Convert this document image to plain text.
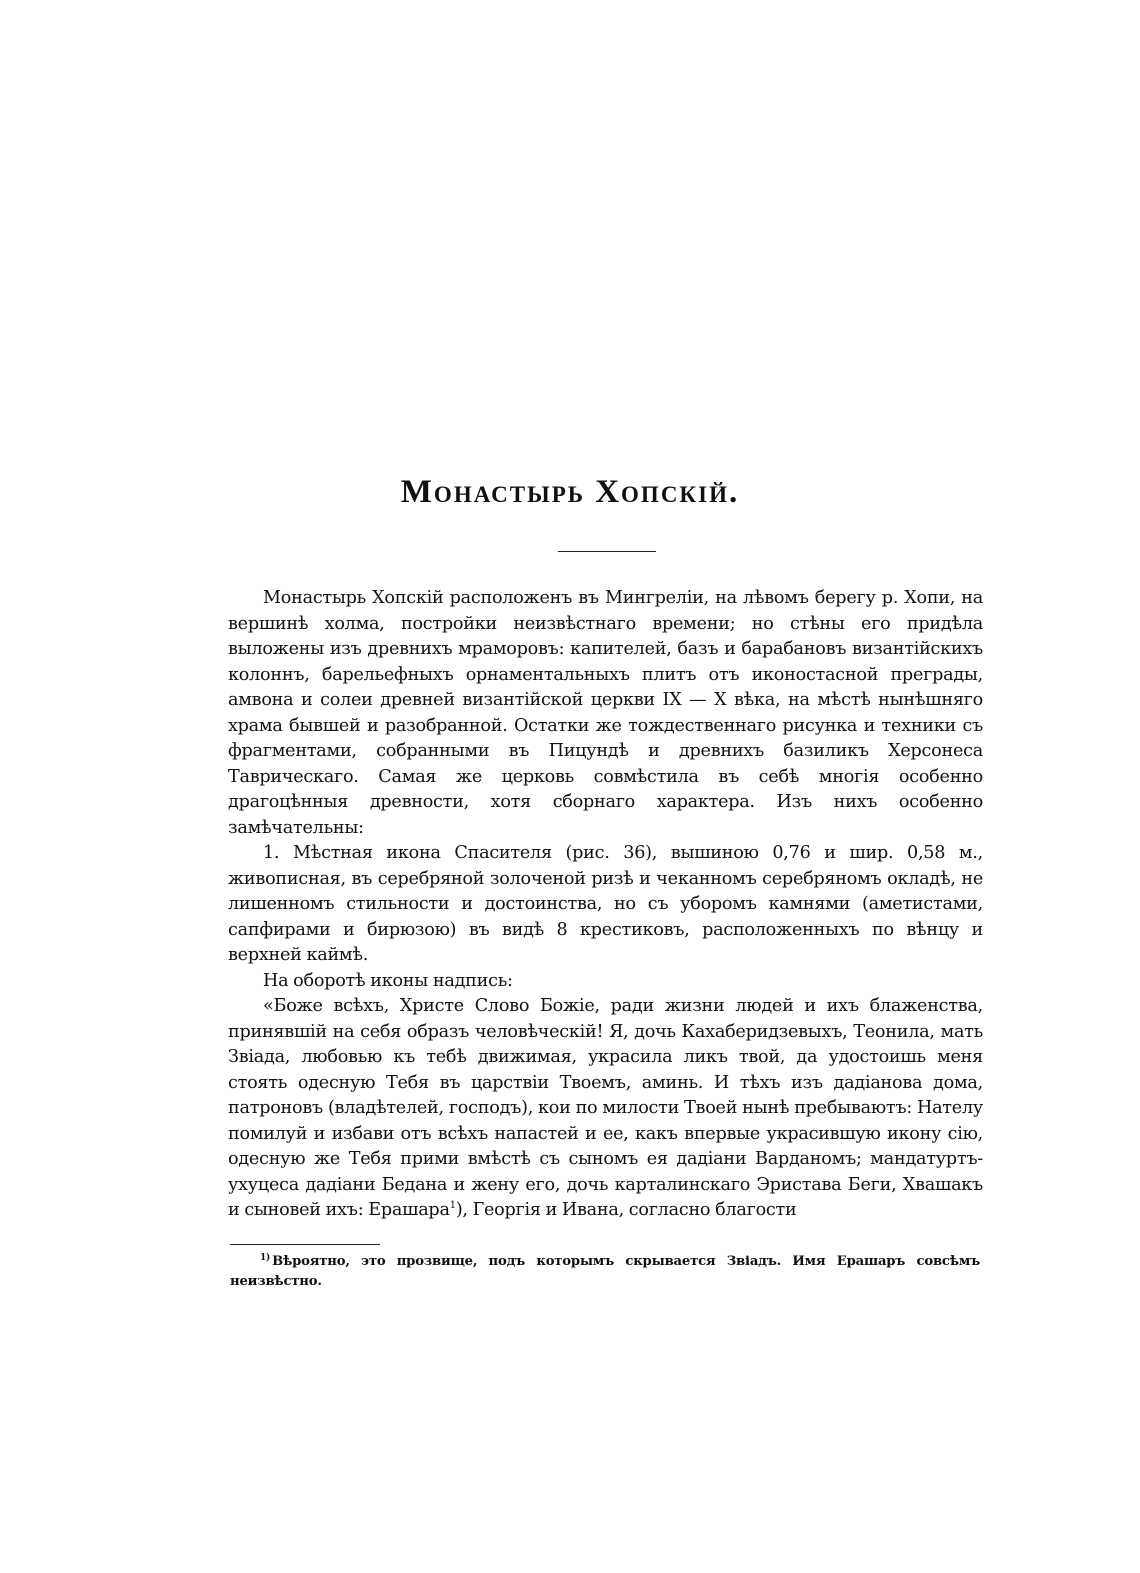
Монастырь Хопскій.

Монастырь Хопскій расположенъ въ Мингреліи, на лѣвомъ берегу р. Хопи, на вершинѣ холма, постройки неизвѣстнаго времени; но стѣны его придѣла выложены изъ древнихъ мраморовъ: капителей, базъ и барабановъ византійскихъ колоннъ, барельефныхъ орнаментальныхъ плитъ отъ иконостасной преграды, амвона и солеи древней византійской церкви IX — X вѣка, на мѣстѣ нынѣшняго храма бывшей и разобранной. Остатки же тождественнаго рисунка и техники съ фрагментами, собранными въ Пицундѣ и древнихъ базиликъ Херсонеса Таврическаго. Самая же церковь совмѣстила въ себѣ многія особенно драгоцѣнныя древности, хотя сборнаго характера. Изъ нихъ особенно замѣчательны:

1. Мѣстная икона Спасителя (рис. 36), вышиною 0,76 и шир. 0,58 м., живописная, въ серебряной золоченой ризѣ и чеканномъ серебряномъ окладѣ, не лишенномъ стильности и достоинства, но съ уборомъ камнями (аметистами, сапфирами и бирюзою) въ видѣ 8 крестиковъ, расположенныхъ по вѣнцу и верхней каймѣ.

На оборотѣ иконы надпись:

«Боже всѣхъ, Христе Слово Божіе, ради жизни людей и ихъ блаженства, принявшій на себя образъ человѣческій! Я, дочь Кахаберидзевыхъ, Теонила, мать Звіада, любовью къ тебѣ движимая, украсила ликъ твой, да удостоишь меня стоять одесную Тебя въ царствіи Твоемъ, аминь. И тѣхъ изъ дадіанова дома, патроновъ (владѣтелей, господъ), кои по милости Твоей нынѣ пребываютъ: Нателу помилуй и избави отъ всѣхъ напастей и ее, какъ впервые украсившую икону сію, одесную же Тебя прими вмѣстѣ съ сыномъ ея дадіани Варданомъ; мандатуртъ-ухуцеса дадіани Бедана и жену его, дочь карталинскаго Эристава Беги, Хвашакъ и сыновей ихъ: Ерашара$^1$), Георгія и Ивана, согласно благости

$^{1)}$ Вѣроятно, это прозвище, подъ которымъ скрывается Звіадъ. Имя Ерашаръ совсѣмъ неизвѣстно.
